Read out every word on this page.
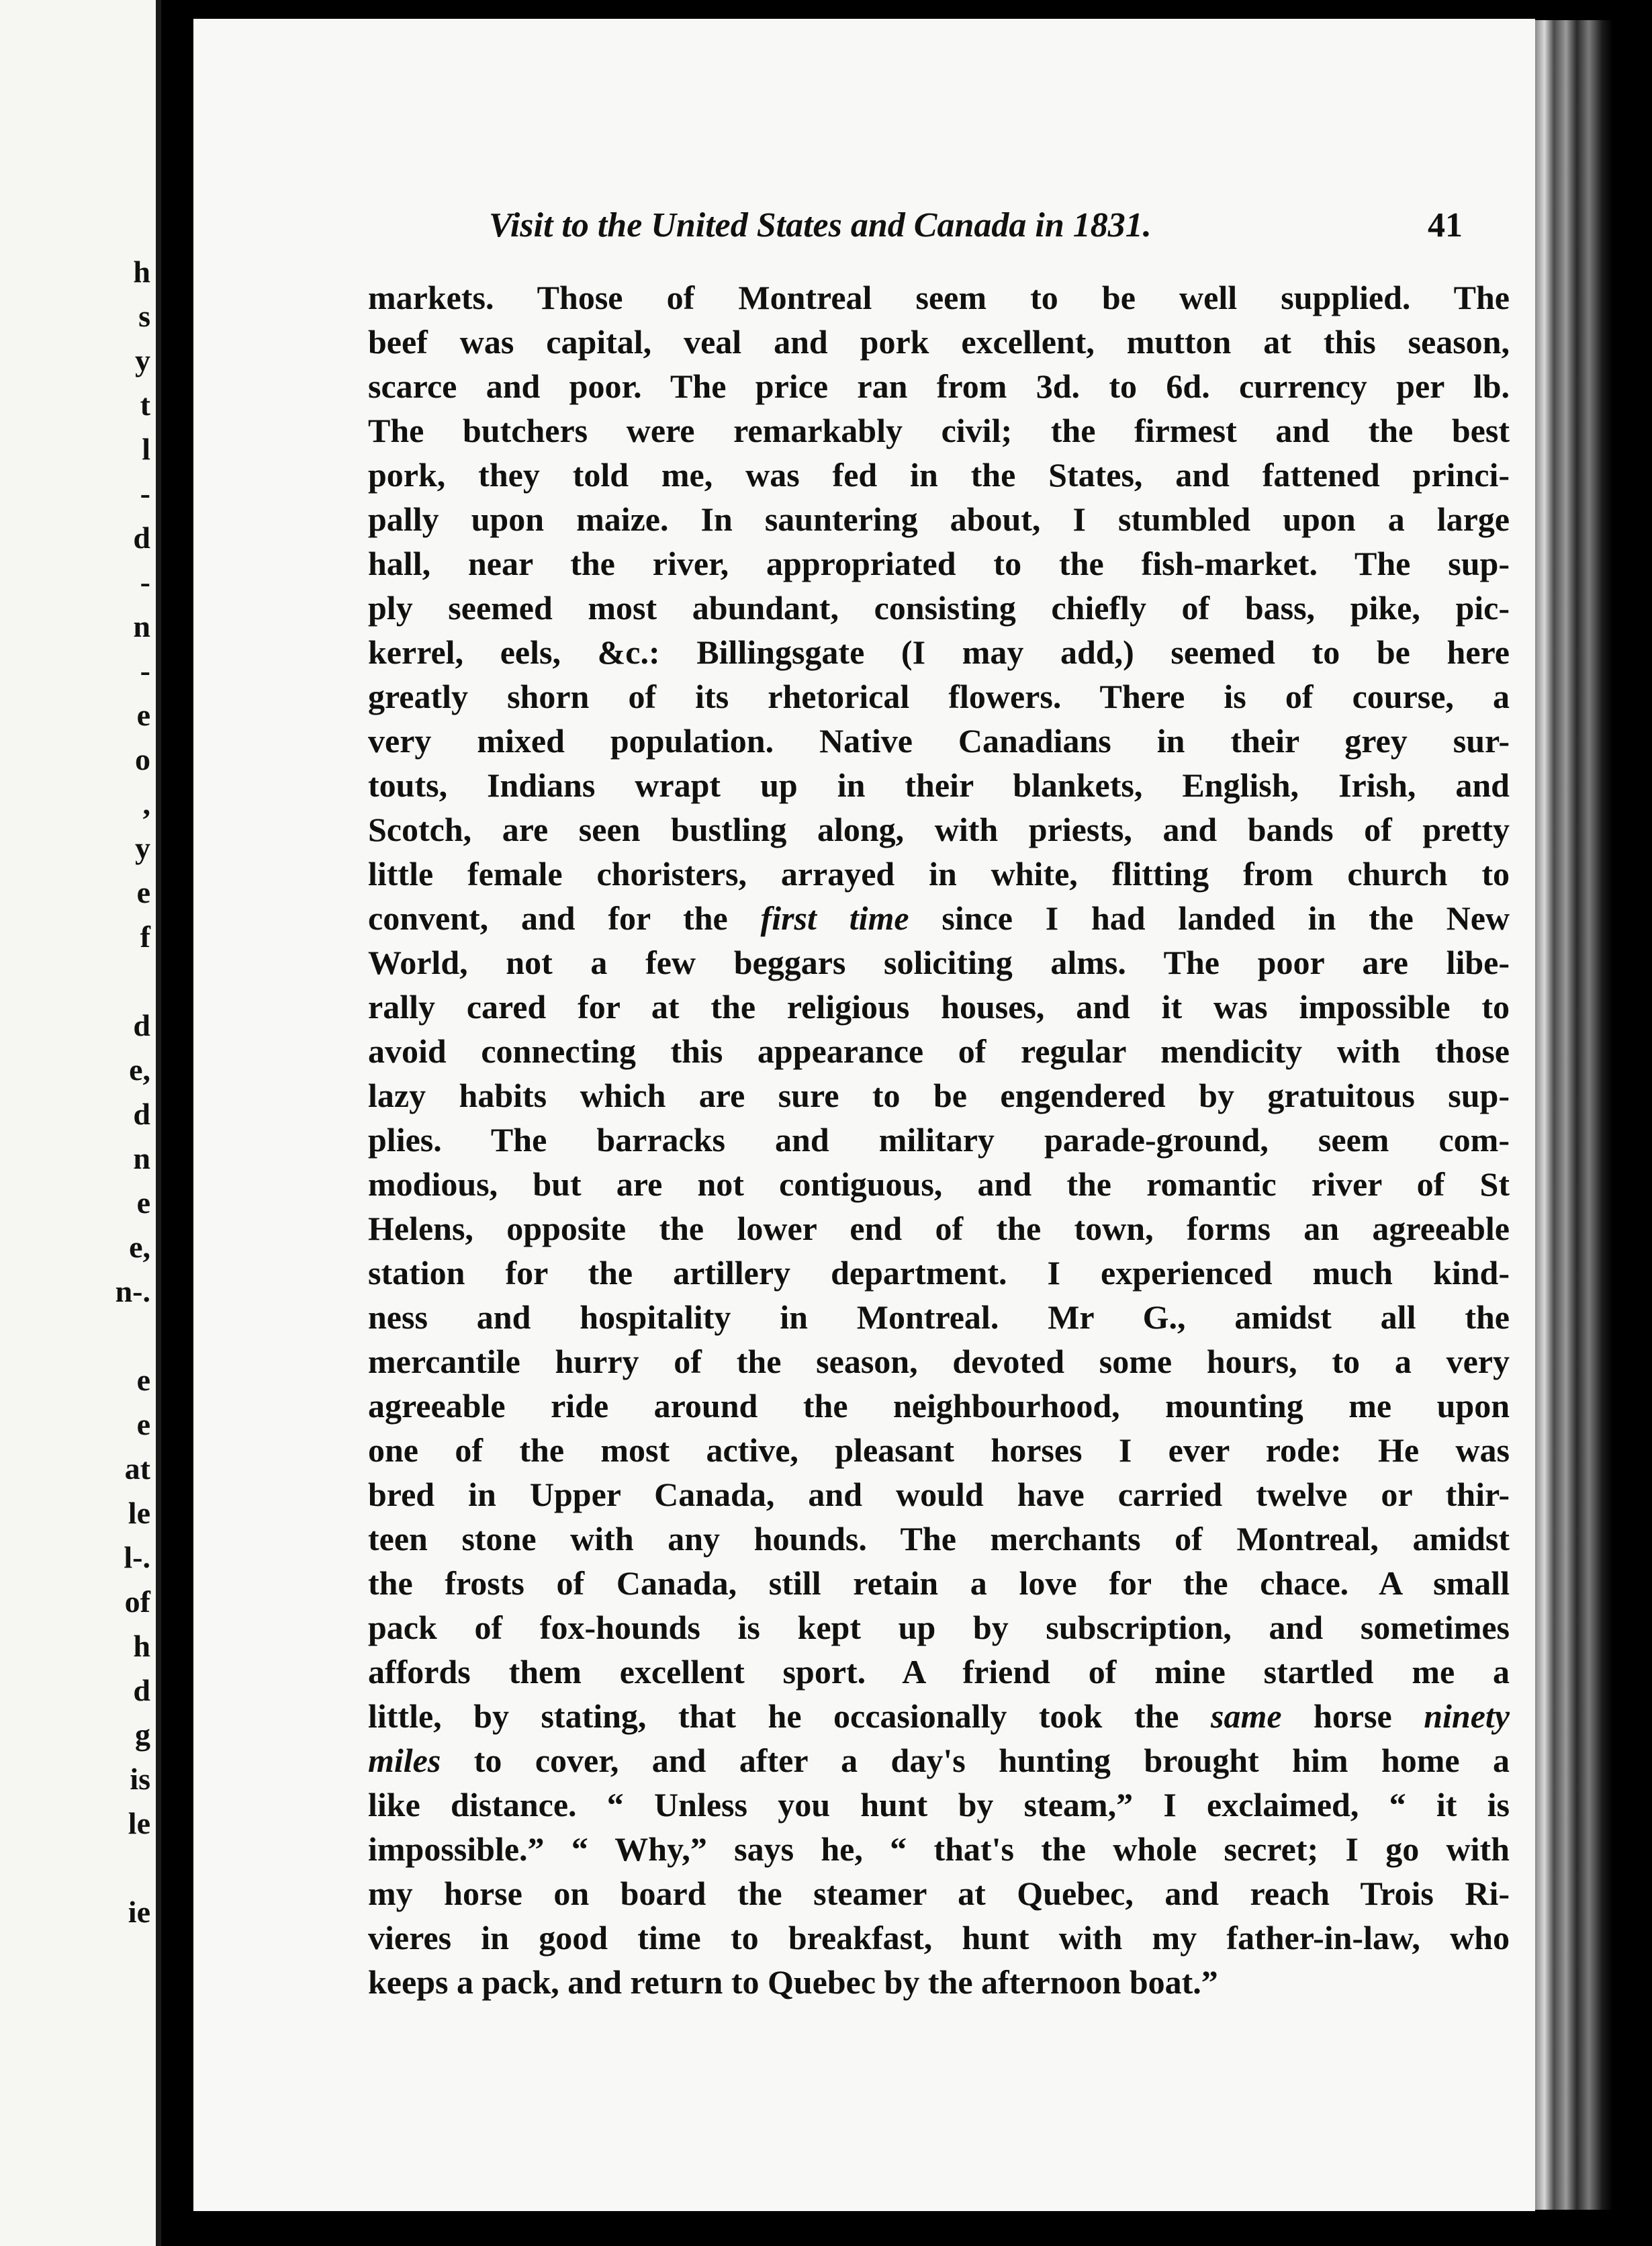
h
s
y
t
l
-
d
-
n
-
e
o
,
y
e
f
d
e,
d
n
e
e,
n-.
e
e
at
le
l-.
of
h
d
g
is
le
ie
Visit to the United States and Canada in 1831.	41
markets. Those of Montreal seem to be well supplied. The
beef was capital, veal and pork excellent, mutton at this season,
scarce and poor. The price ran from 3d. to 6d. currency per lb.
The butchers were remarkably civil; the firmest and the best
pork, they told me, was fed in the States, and fattened princi-
pally upon maize. In sauntering about, I stumbled upon a large
hall, near the river, appropriated to the fish-market. The sup-
ply seemed most abundant, consisting chiefly of bass, pike, pic-
kerrel, eels, &c.: Billingsgate (I may add,) seemed to be here
greatly shorn of its rhetorical flowers. There is of course, a
very mixed population. Native Canadians in their grey sur-
touts, Indians wrapt up in their blankets, English, Irish, and
Scotch, are seen bustling along, with priests, and bands of pretty
little female choristers, arrayed in white, flitting from church to
convent, and for the first time since I had landed in the New
World, not a few beggars soliciting alms. The poor are libe-
rally cared for at the religious houses, and it was impossible to
avoid connecting this appearance of regular mendicity with those
lazy habits which are sure to be engendered by gratuitous sup-
plies. The barracks and military parade-ground, seem com-
modious, but are not contiguous, and the romantic river of St
Helens, opposite the lower end of the town, forms an agreeable
station for the artillery department. I experienced much kind-
ness and hospitality in Montreal. Mr G., amidst all the
mercantile hurry of the season, devoted some hours, to a very
agreeable ride around the neighbourhood, mounting me upon
one of the most active, pleasant horses I ever rode: He was
bred in Upper Canada, and would have carried twelve or thir-
teen stone with any hounds. The merchants of Montreal, amidst
the frosts of Canada, still retain a love for the chace. A small
pack of fox-hounds is kept up by subscription, and sometimes
affords them excellent sport. A friend of mine startled me a
little, by stating, that he occasionally took the same horse ninety
miles to cover, and after a day's hunting brought him home a
like distance. “ Unless you hunt by steam,” I exclaimed, “ it is
impossible.” “ Why,” says he, “ that's the whole secret; I go with
my horse on board the steamer at Quebec, and reach Trois Ri-
vieres in good time to breakfast, hunt with my father-in-law, who
keeps a pack, and return to Quebec by the afternoon boat.”
